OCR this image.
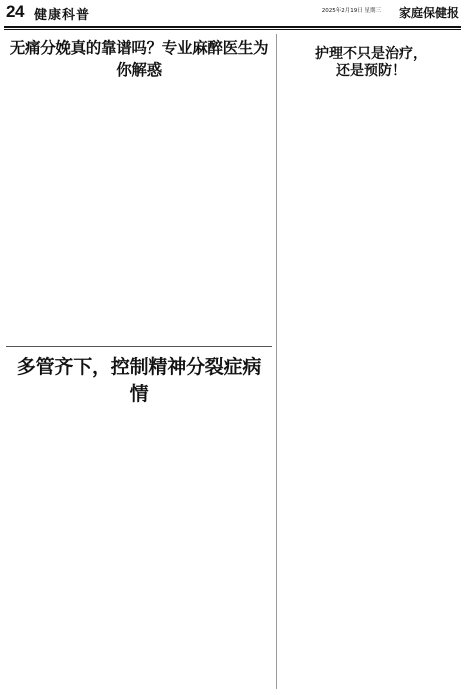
24 健康科普	2025年2月19日 星期三 家庭保健报
无痛分娩真的靠谱吗？专业麻醉医生为你解惑

多管齐下，控制精神分裂症病情

护理不只是治疗，
还是预防！
